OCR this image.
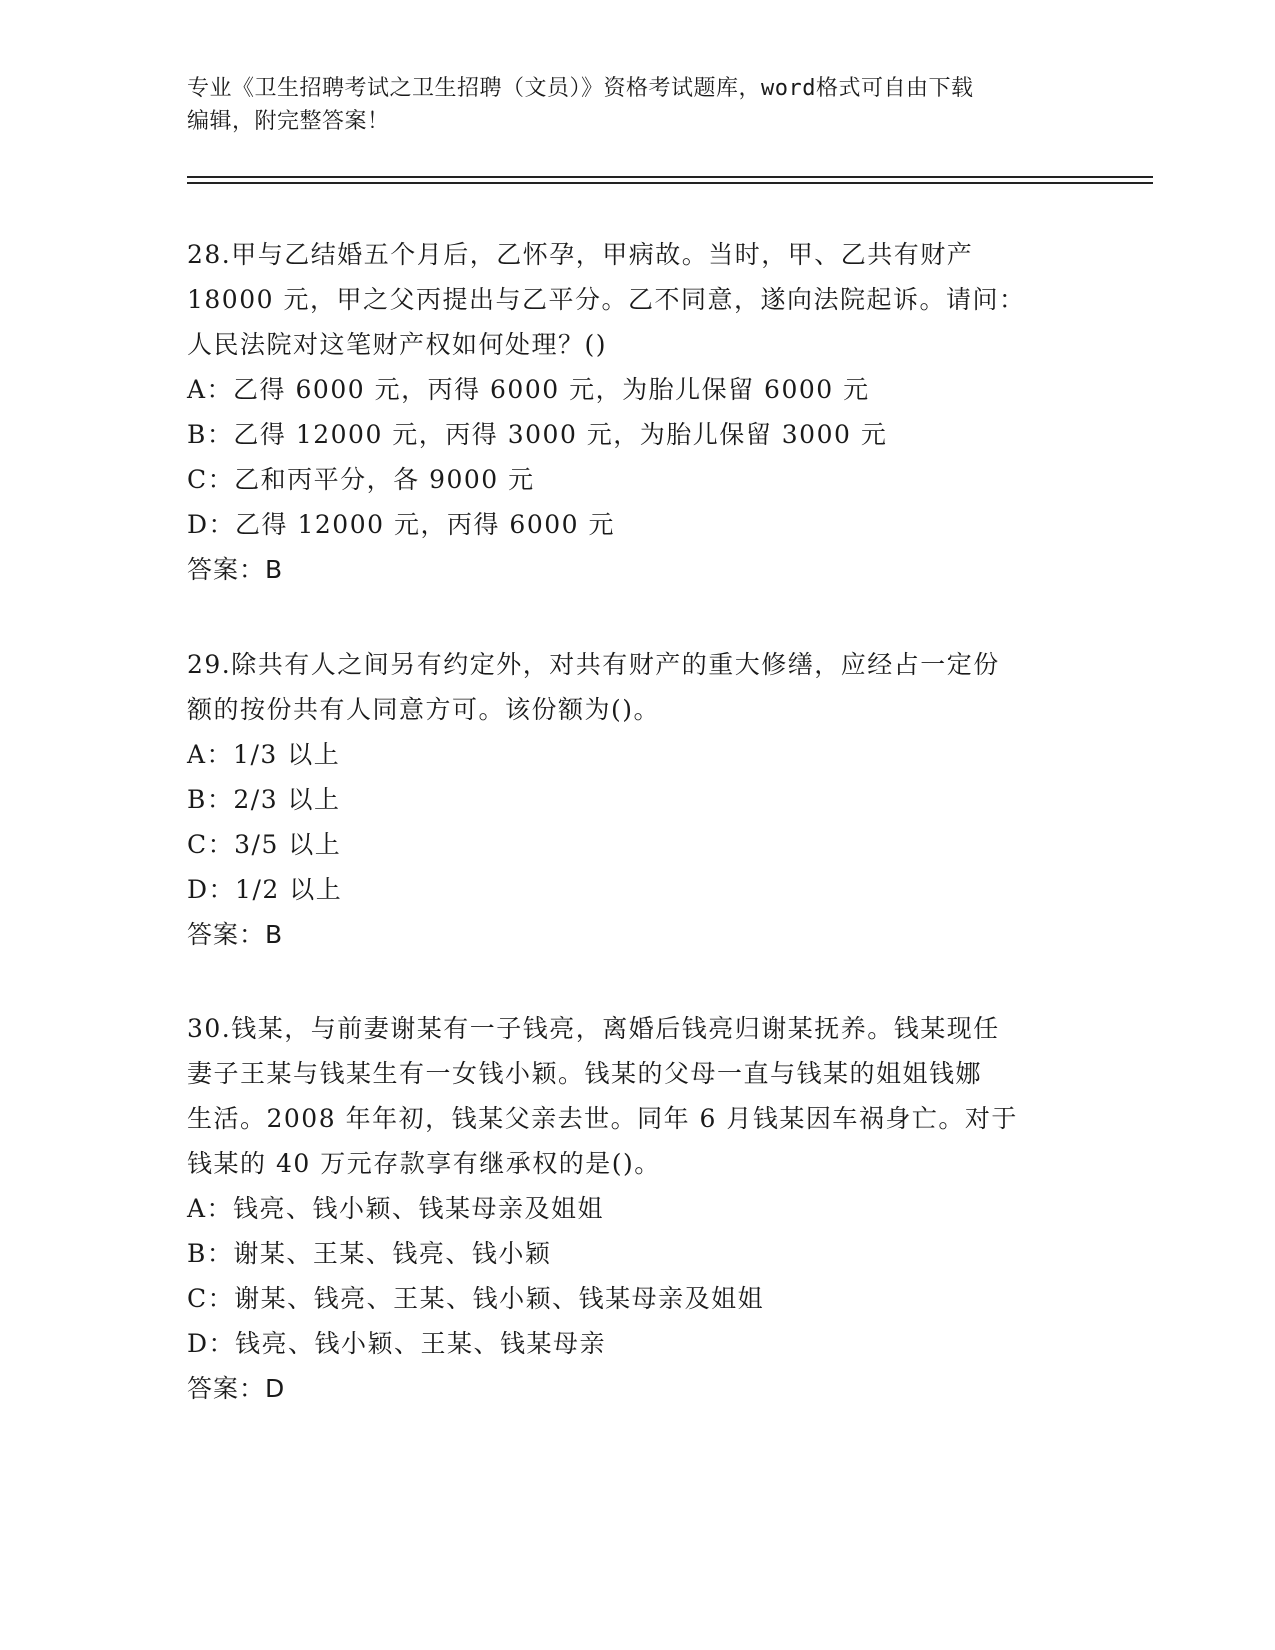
专业《卫生招聘考试之卫生招聘（文员）》资格考试题库，word格式可自由下载
编辑，附完整答案！
28.甲与乙结婚五个月后，乙怀孕，甲病故。当时，甲、乙共有财产
18000 元，甲之父丙提出与乙平分。乙不同意，遂向法院起诉。请问：
人民法院对这笔财产权如何处理？()
A：乙得 6000 元，丙得 6000 元，为胎儿保留 6000 元
B：乙得 12000 元，丙得 3000 元，为胎儿保留 3000 元
C：乙和丙平分，各 9000 元
D：乙得 12000 元，丙得 6000 元
答案：B
29.除共有人之间另有约定外，对共有财产的重大修缮，应经占一定份
额的按份共有人同意方可。该份额为()。
A：1/3 以上
B：2/3 以上
C：3/5 以上
D：1/2 以上
答案：B
30.钱某，与前妻谢某有一子钱亮，离婚后钱亮归谢某抚养。钱某现任
妻子王某与钱某生有一女钱小颖。钱某的父母一直与钱某的姐姐钱娜
生活。2008 年年初，钱某父亲去世。同年 6 月钱某因车祸身亡。对于
钱某的 40 万元存款享有继承权的是()。
A：钱亮、钱小颖、钱某母亲及姐姐
B：谢某、王某、钱亮、钱小颖
C：谢某、钱亮、王某、钱小颖、钱某母亲及姐姐
D：钱亮、钱小颖、王某、钱某母亲
答案：D
